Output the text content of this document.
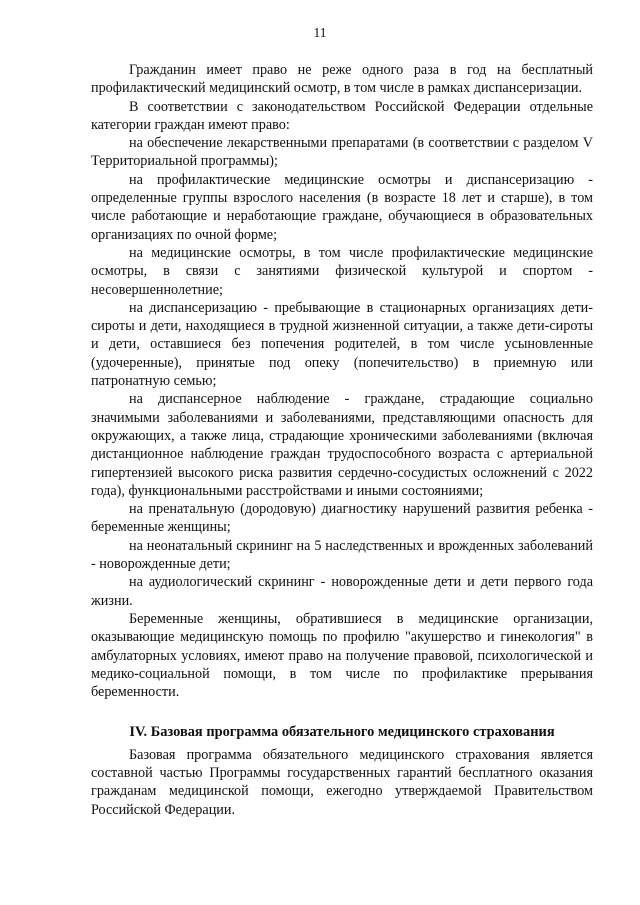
11

Гражданин имеет право не реже одного раза в год на бесплатный профилактический медицинский осмотр, в том числе в рамках диспансеризации.

В соответствии с законодательством Российской Федерации отдельные категории граждан имеют право:

на обеспечение лекарственными препаратами (в соответствии с разделом V Территориальной программы);

на профилактические медицинские осмотры и диспансеризацию - определенные группы взрослого населения (в возрасте 18 лет и старше), в том числе работающие и неработающие граждане, обучающиеся в образовательных организациях по очной форме;

на медицинские осмотры, в том числе профилактические медицинские осмотры, в связи с занятиями физической культурой и спортом - несовершеннолетние;

на диспансеризацию - пребывающие в стационарных организациях дети-сироты и дети, находящиеся в трудной жизненной ситуации, а также дети-сироты и дети, оставшиеся без попечения родителей, в том числе усыновленные (удочеренные), принятые под опеку (попечительство) в приемную или патронатную семью;

на диспансерное наблюдение - граждане, страдающие социально значимыми заболеваниями и заболеваниями, представляющими опасность для окружающих, а также лица, страдающие хроническими заболеваниями (включая дистанционное наблюдение граждан трудоспособного возраста с артериальной гипертензией высокого риска развития сердечно-сосудистых осложнений с 2022 года), функциональными расстройствами и иными состояниями;

на пренатальную (дородовую) диагностику нарушений развития ребенка - беременные женщины;

на неонатальный скрининг на 5 наследственных и врожденных заболеваний - новорожденные дети;

на аудиологический скрининг - новорожденные дети и дети первого года жизни.

Беременные женщины, обратившиеся в медицинские организации, оказывающие медицинскую помощь по профилю "акушерство и гинекология" в амбулаторных условиях, имеют право на получение правовой, психологической и медико-социальной помощи, в том числе по профилактике прерывания беременности.

IV. Базовая программа обязательного медицинского страхования

Базовая программа обязательного медицинского страхования является составной частью Программы государственных гарантий бесплатного оказания гражданам медицинской помощи, ежегодно утверждаемой Правительством Российской Федерации.
